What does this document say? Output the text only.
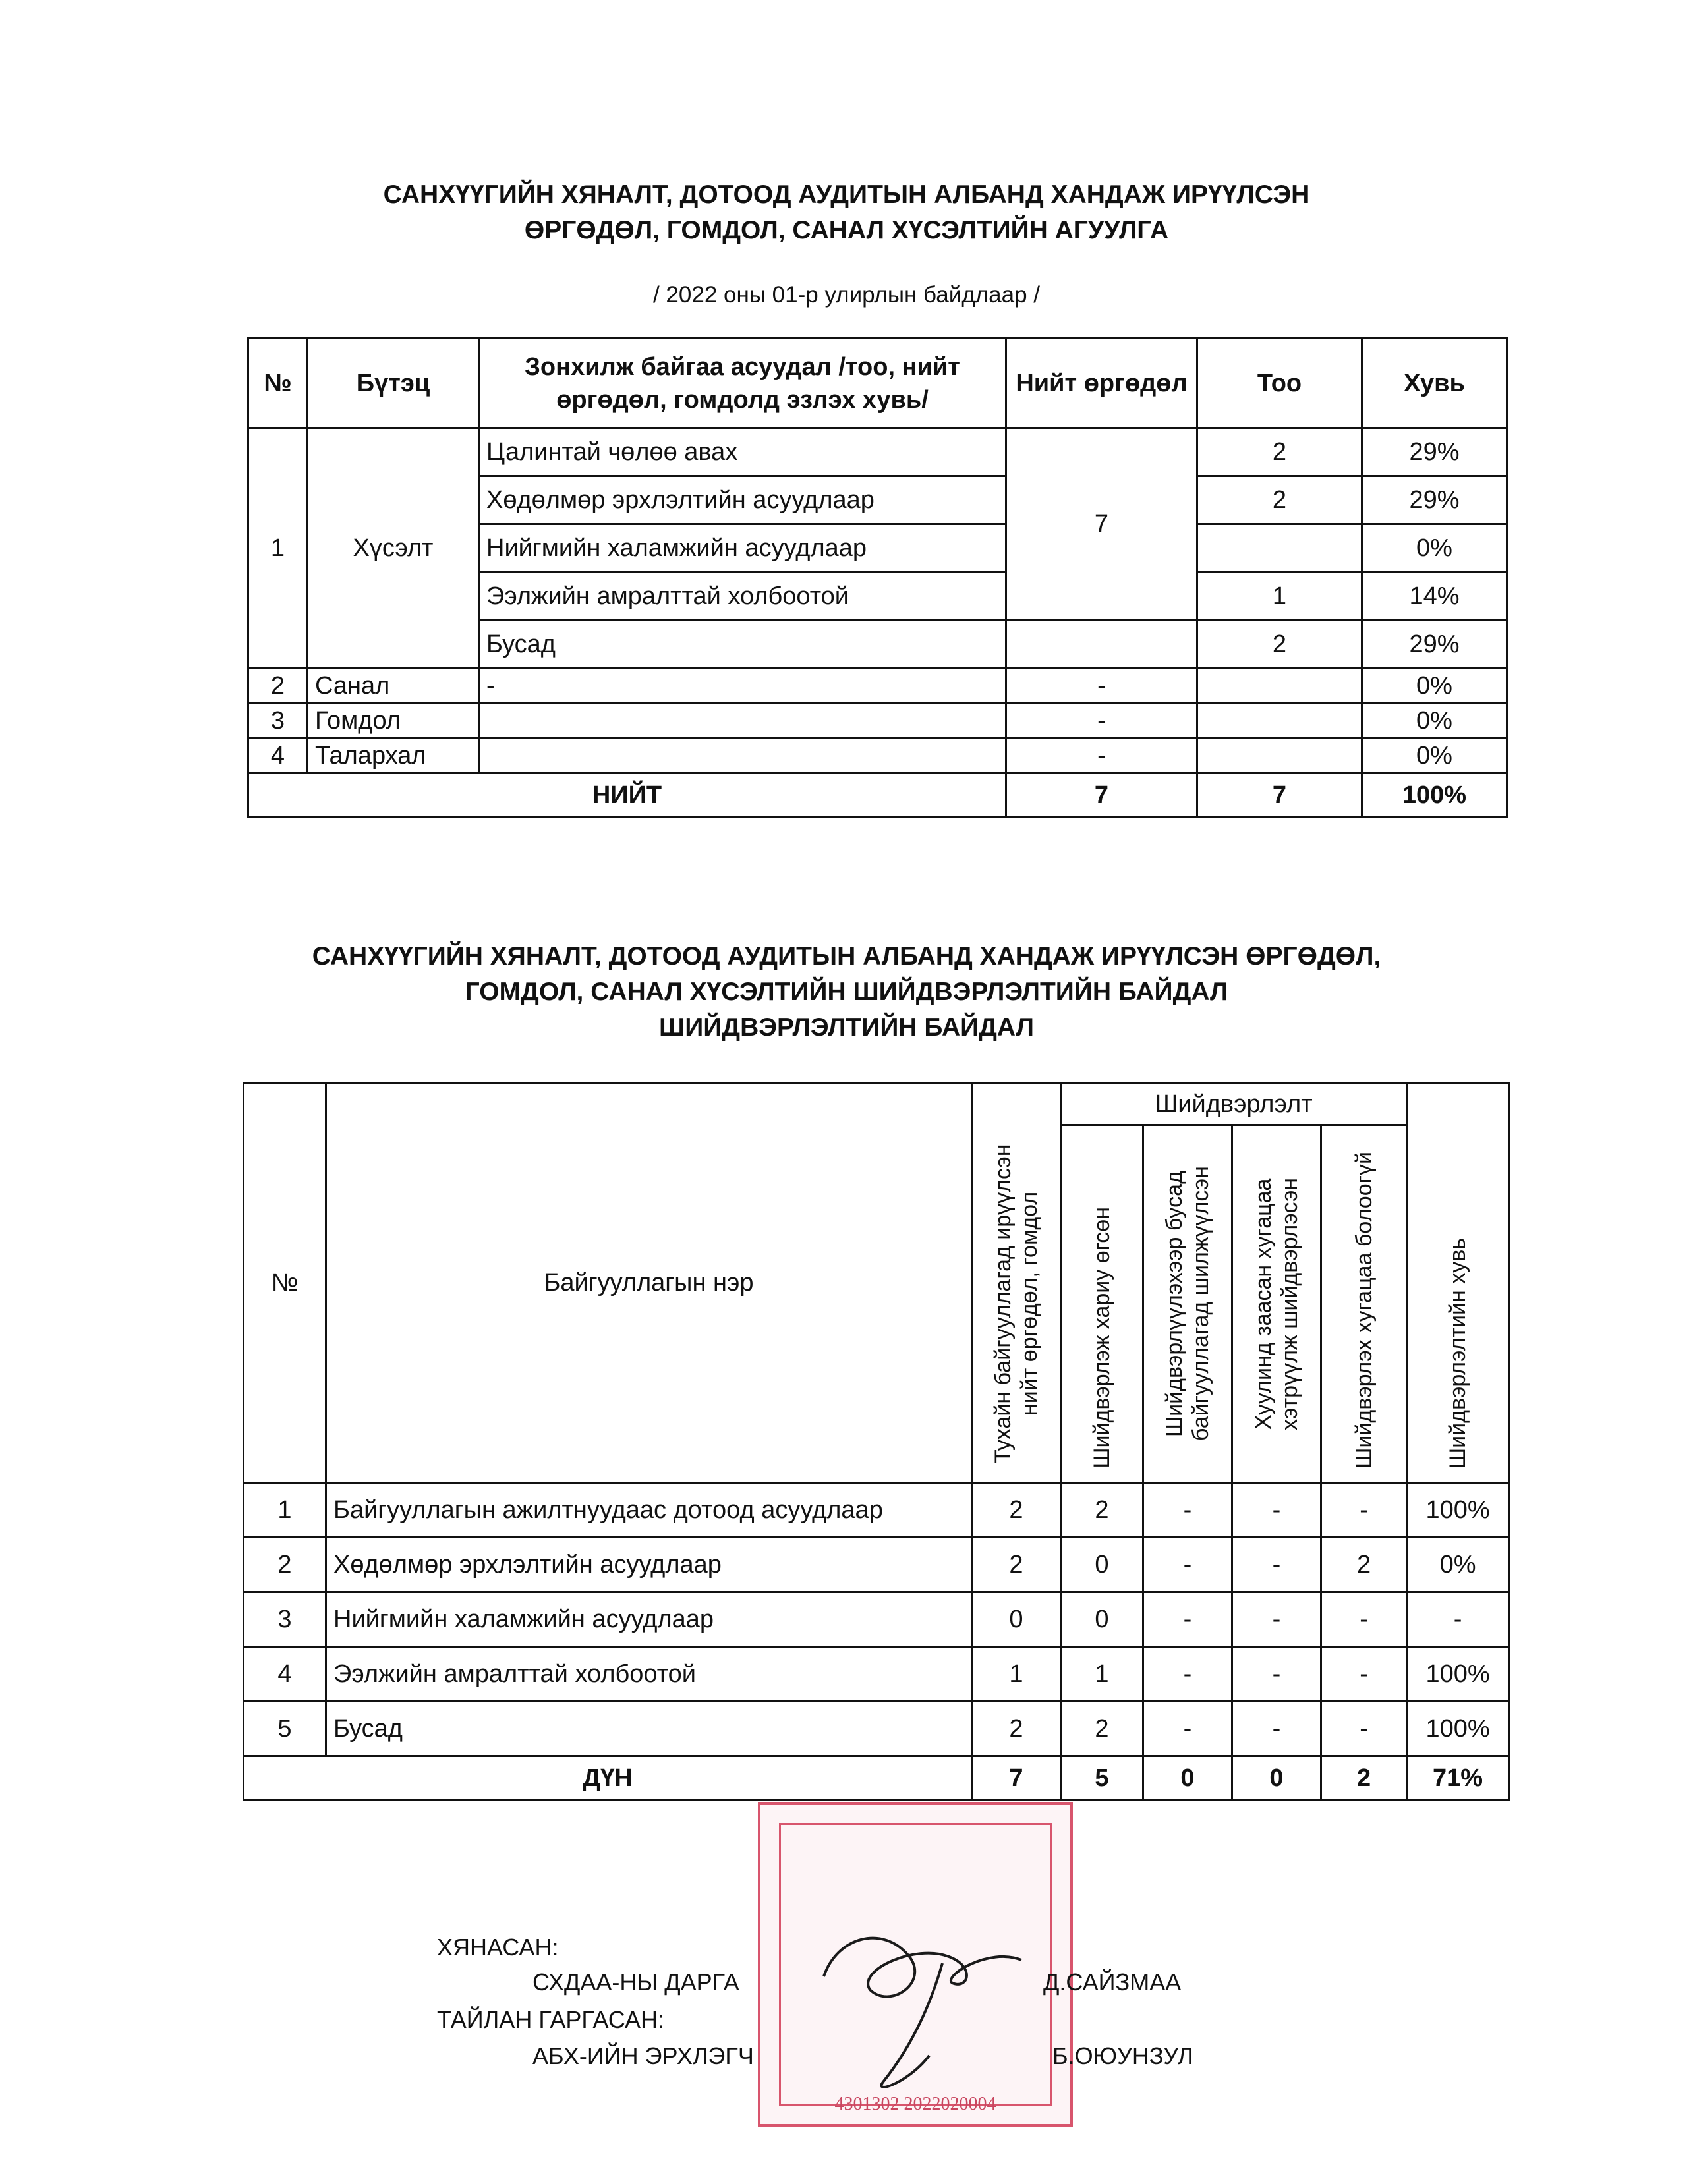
САНХҮҮГИЙН ХЯНАЛТ, ДОТООД АУДИТЫН АЛБАНД ХАНДАЖ ИРҮҮЛСЭН
ӨРГӨДӨЛ, ГОМДОЛ, САНАЛ ХҮСЭЛТИЙН АГУУЛГА
/ 2022 оны 01-р улирлын байдлаар /
№	Бүтэц	Зонхилж байгаа асуудал /тоо, нийт өргөдөл, гомдолд эзлэх хувь/	Нийт өргөдөл	Тоо	Хувь
1	Хүсэлт	Цалинтай чөлөө авах	7	2	29%
		Хөдөлмөр эрхлэлтийн асуудлаар		2	29%
		Нийгмийн халамжийн асуудлаар			0%
		Ээлжийн амралттай холбоотой		1	14%
		Бусад		2	29%
2	Санал	-	-		0%
3	Гомдол		-		0%
4	Талархал		-		0%
НИЙТ			7	7	100%
САНХҮҮГИЙН ХЯНАЛТ, ДОТООД АУДИТЫН АЛБАНД ХАНДАЖ ИРҮҮЛСЭН ӨРГӨДӨЛ,
ГОМДОЛ, САНАЛ ХҮСЭЛТИЙН ШИЙДВЭРЛЭЛТИЙН БАЙДАЛ
ШИЙДВЭРЛЭЛТИЙН БАЙДАЛ
№	Байгууллагын нэр	Тухайн байгууллагад ирүүлсэн нийт өргөдөл, гомдол	Шийдвэрлэлт				Шийдвэрлэлтийн хувь
			Шийдвэрлэж хариу өгсөн	Шийдвэрлүүлэхээр бусад байгууллагад шилжүүлсэн	Хуулинд заасан хугацаа хэтрүүлж шийдвэрлэсэн	Шийдвэрлэх хугацаа болоогүй	
1	Байгууллагын ажилтнуудаас дотоод асуудлаар	2	2	-	-	-	100%
2	Хөдөлмөр эрхлэлтийн асуудлаар	2	0	-	-	2	0%
3	Нийгмийн халамжийн асуудлаар	0	0	-	-	-	-
4	Ээлжийн амралттай холбоотой	1	1	-	-	-	100%
5	Бусад	2	2	-	-	-	100%
ДҮН		7	5	0	0	2	71%
4301302 2022020004
ХЯНАСАН:
СХДАА-НЫ ДАРГА	Д.САЙЗМАА
ТАЙЛАН ГАРГАСАН:
АБХ-ИЙН ЭРХЛЭГЧ	Б.ОЮУНЗУЛ
